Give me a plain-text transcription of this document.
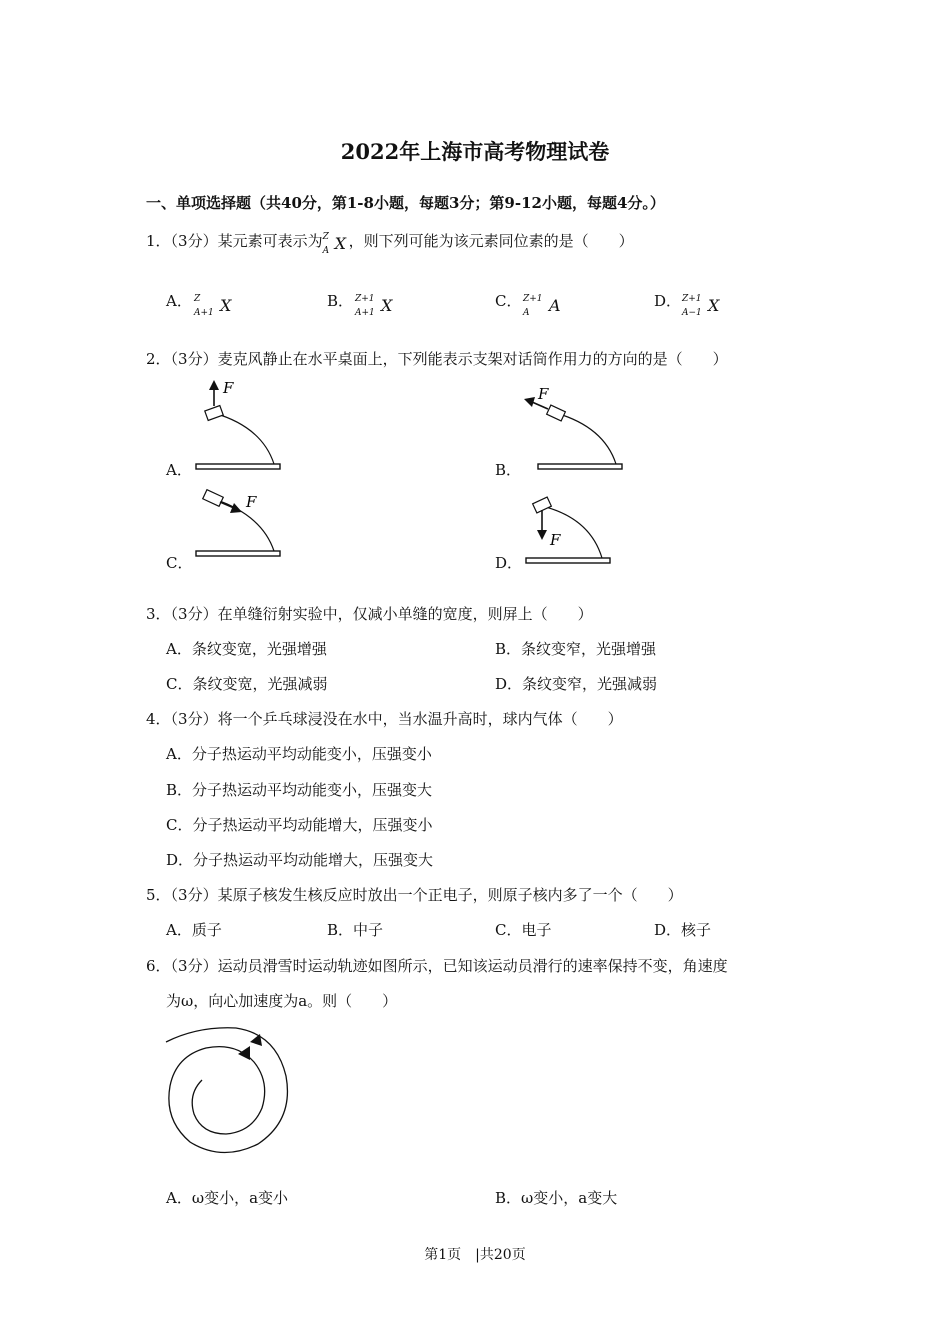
2022年上海市高考物理试卷
一、单项选择题（共40分，第1-8小题，每题3分；第9-12小题，每题4分。）
1．（3分）某元素可表示为 Z
A X ，则下列可能为该元素同位素的是（　　）
A． Z
A+1 X	B． Z+1
A+1 X	C． Z+1
A A	D． Z+1
A−1 X
2．（3分）麦克风静止在水平桌面上，下列能表示支架对话筒作用力的方向的是（　　）
A．	B．
C．	D．
F	F
F
F
3．（3分）在单缝衍射实验中，仅减小单缝的宽度，则屏上（　　）
A．条纹变宽，光强增强	B．条纹变窄，光强增强
C．条纹变宽，光强减弱	D．条纹变窄，光强减弱
4．（3分）将一个乒乓球浸没在水中，当水温升高时，球内气体（　　）
A．分子热运动平均动能变小，压强变小
B．分子热运动平均动能变小，压强变大
C．分子热运动平均动能增大，压强变小
D．分子热运动平均动能增大，压强变大
5．（3分）某原子核发生核反应时放出一个正电子，则原子核内多了一个（　　）
A．质子	B．中子	C．电子	D．核子
6．（3分）运动员滑雪时运动轨迹如图所示，已知该运动员滑行的速率保持不变，角速度
为ω，向心加速度为a。则（　　）
A．ω变小，a变小	B．ω变小，a变大
第1页　|共20页
